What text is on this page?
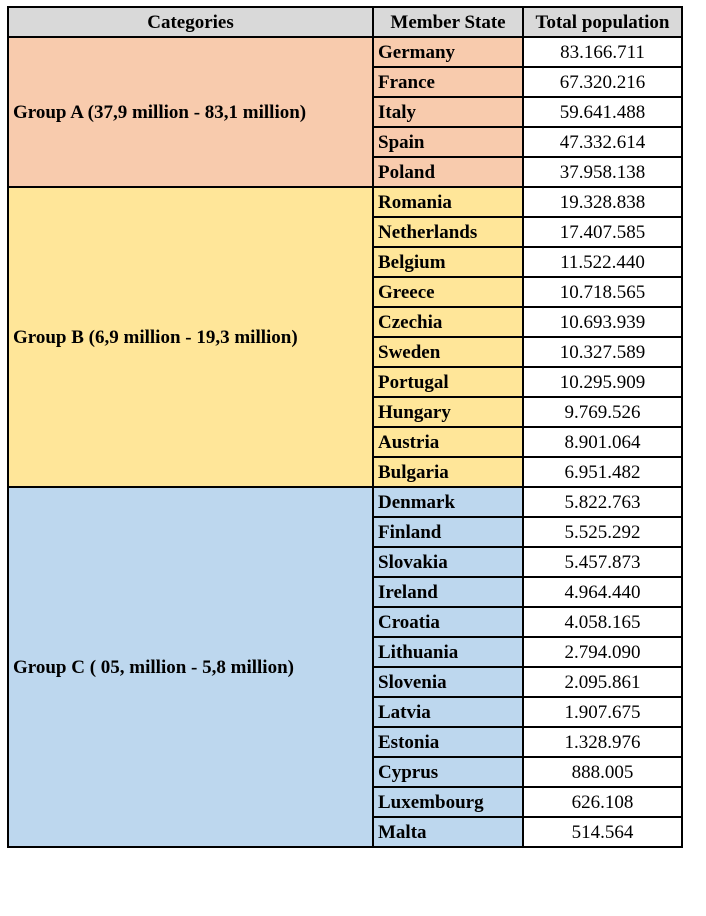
Categories	Member State	Total population
Group A (37,9 million - 83,1 million)	Germany	83.166.711
	France	67.320.216
	Italy	59.641.488
	Spain	47.332.614
	Poland	37.958.138
Group B (6,9 million - 19,3 million)	Romania	19.328.838
	Netherlands	17.407.585
	Belgium	11.522.440
	Greece	10.718.565
	Czechia	10.693.939
	Sweden	10.327.589
	Portugal	10.295.909
	Hungary	9.769.526
	Austria	8.901.064
	Bulgaria	6.951.482
Group C ( 05, million - 5,8 million)	Denmark	5.822.763
	Finland	5.525.292
	Slovakia	5.457.873
	Ireland	4.964.440
	Croatia	4.058.165
	Lithuania	2.794.090
	Slovenia	2.095.861
	Latvia	1.907.675
	Estonia	1.328.976
	Cyprus	888.005
	Luxembourg	626.108
	Malta	514.564
